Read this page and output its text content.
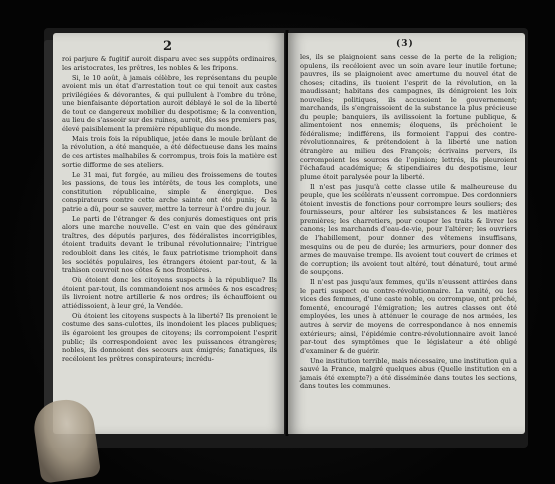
2

roi parjure & fugitif auroit disparu avec ses suppôts ordinaires, les aristocrates, les prêtres, les nobles & les fripons.

Si, le 10 août, à jamais célèbre, les représentans du peuple avoient mis un état d'arrestation tout ce qui tenoit aux castes privilégiées & dévorantes, & qui pullulent à l'ombre du trône, une bienfaisante déportation auroit déblayé le sol de la liberté de tout ce dangereux mobilier du despotisme; & la convention, au lieu de s'asseoir sur des ruines, auroit, dès ses premiers pas, élevé paisiblement la première république du monde.

Mais trois fois la république, jetée dans le moule brûlant de la révolution, a été manquée, a été défectueuse dans les mains de ces artistes malhabiles & corrompus, trois fois la matière est sortie difforme de ses ateliers.

Le 31 mai, fut forgée, au milieu des froissemens de toutes les passions, de tous les intérêts, de tous les complots, une constitution républicaine, simple & énergique. Des conspirateurs contre cette arche sainte ont été punis; & la patrie a dû, pour se sauver, mettre la terreur à l'ordre du jour.

Le parti de l'étranger & des conjurés domestiques ont pris alors une marche nouvelle. C'est en vain que des généraux traîtres, des députés parjures, des fédéralistes incorrigibles, étoient traduits devant le tribunal révolutionnaire; l'intrigue redoubloit dans les cités, le faux patriotisme triomphoit dans les sociétés populaires, les étrangers étoient par-tout, & la trahison couvroit nos côtes & nos frontières.

Où étoient donc les citoyens suspects à la république? Ils étoient par-tout, ils commandoient nos armées & nos escadres; ils livroient notre artillerie & nos ordres; ils échauffoient ou attiédissoient, à leur gré, la Vendée.

Où étoient les citoyens suspects à la liberté? Ils prenoient le costume des sans-culottes, ils inondoient les places publiques; ils égaroient les groupes de citoyens; ils corrompoient l'esprit public; ils correspondoient avec les puissances étrangères; nobles, ils donnoient des secours aux émigrés; fanatiques, ils recéloient les prêtres conspirateurs; incrédu-

(3)

les, ils se plaignoient sans cesse de la perte de la religion; opulens, ils recéloient avec un soin avare leur inutile fortune; pauvres, ils se plaignoient avec amertume du nouvel état de choses; citadins, ils tuoient l'esprit de la révolution, en la maudissant; habitans des campagnes, ils dénigroient les loix nouvelles; politiques, ils accusoient le gouvernement; marchands, ils s'engraissoient de la substance la plus précieuse du peuple; banquiers, ils avilissoient la fortune publique, & alimentoient nos ennemis; éloquens, ils prêchoient le fédéralisme; indifférens, ils formoient l'appui des contre-révolutionnaires, & prétendoient à la liberté une nation étrangère au milieu des François; écrivains pervers, ils corrompoient les sources de l'opinion; lettrés, ils pleuroient l'échafaud académique; & stipendiaires du despotisme, leur plume étoit paralysée pour la liberté.

Il n'est pas jusqu'à cette classe utile & malheureuse du peuple, que les scélérats n'eussent corrompue. Des cordonniers étoient investis de fonctions pour corrompre leurs souliers; des fournisseurs, pour altérer les subsistances & les matières premières; les charretiers, pour couper les traits & livrer les canons; les marchands d'eau-de-vie, pour l'altérer; les ouvriers de l'habillement, pour donner des vêtemens insuffisans, mesquins ou de peu de durée; les armuriers, pour donner des armes de mauvaise trempe. Ils avoient tout couvert de crimes et de corruption; ils avoient tout altéré, tout dénaturé, tout armé de soupçons.

Il n'est pas jusqu'aux femmes, qu'ils n'eussent attirées dans le parti suspect ou contre-révolutionnaire. La vanité, ou les vices des femmes, d'une caste noble, ou corrompue, ont prêché, fomenté, encouragé l'émigration; les autres classes ont été employées, les unes à atténuer le courage de nos armées, les autres à servir de moyens de correspondance à nos ennemis extérieurs; ainsi, l'épidémie contre-révolutionnaire avoit lancé par-tout des symptômes que le législateur a été obligé d'examiner & de guérir.

Une institution terrible, mais nécessaire, une institution qui a sauvé la France, malgré quelques abus (Quelle institution en a jamais été exempte?) a été disséminée dans toutes les sections, dans toutes les communes.
